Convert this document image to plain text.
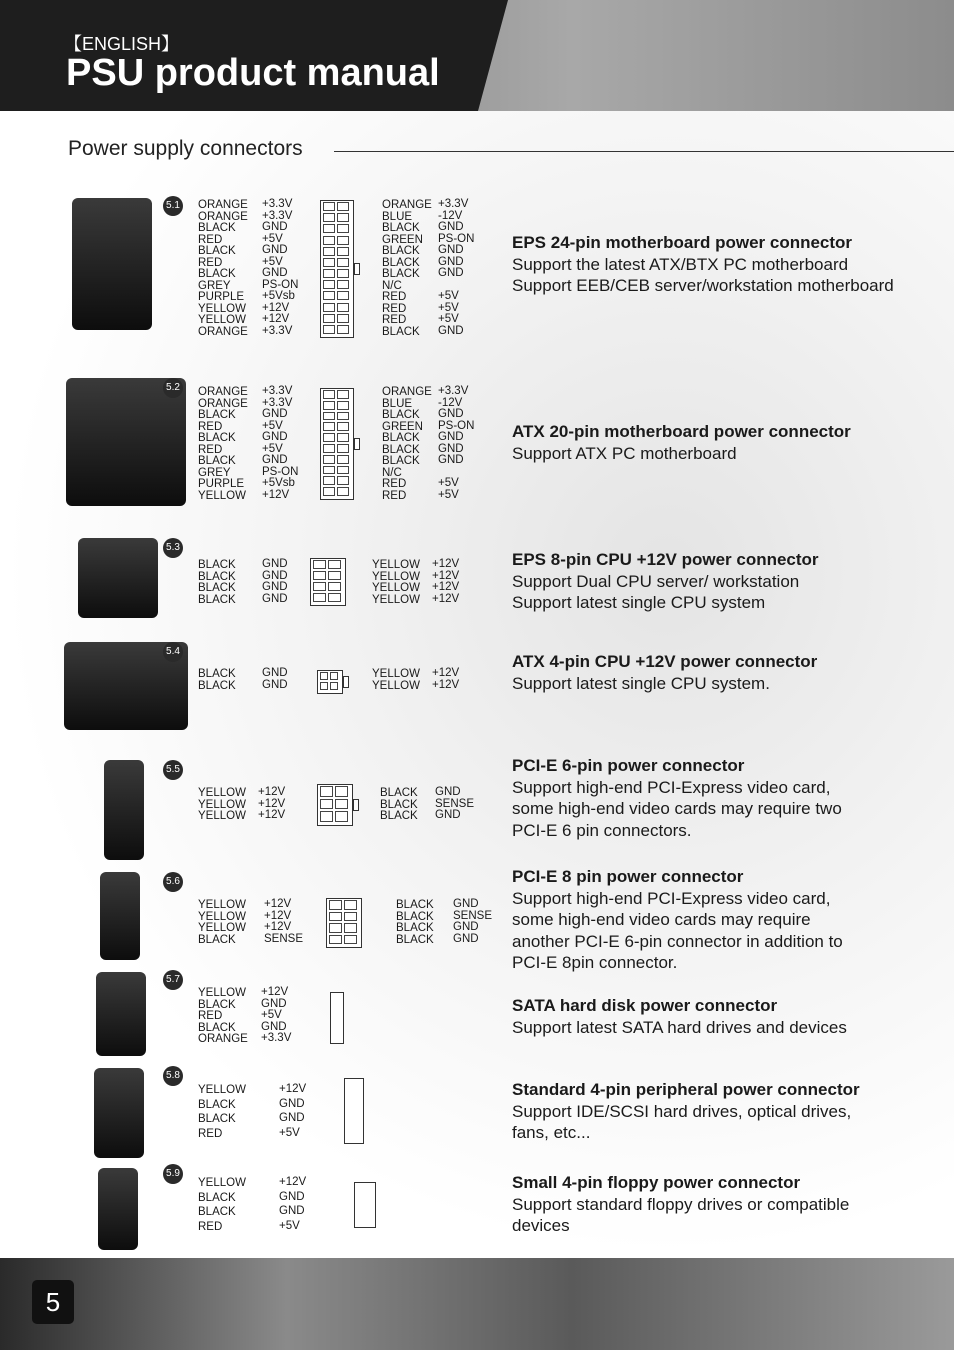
【ENGLISH】
PSU product manual
Power supply connectors
5.1 ORANGE +3.3V
ORANGE +3.3V
BLACK GND
RED	+5V
BLACK GND
RED	+5V
BLACK GND
GREY	PS-ON
PURPLE +5Vsb
YELLOW +12V
YELLOW +12V
ORANGE +3.3V
ORANGE +3.3V
BLUE -12V
BLACK GND
GREEN PS-ON
BLACK GND
BLACK GND
BLACK GND
N/C
RED	+5V
RED	+5V
RED	+5V
BLACK GND
EPS 24-pin motherboard power connector
Support the latest ATX/BTX PC motherboard
Support EEB/CEB server/workstation motherboard
5.2 ORANGE +3.3V
ORANGE +3.3V
BLACK GND
RED	+5V
BLACK GND
RED	+5V
BLACK GND
GREY	PS-ON
PURPLE +5Vsb
YELLOW +12V
ORANGE +3.3V
BLUE -12V
BLACK GND
GREEN PS-ON
BLACK GND
BLACK GND
BLACK GND
N/C
RED	+5V
RED	+5V
ATX 20-pin motherboard power connector
Support ATX PC motherboard
5.3
BLACK GND
BLACK GND
BLACK GND
BLACK GND
YELLOW +12V
YELLOW +12V
YELLOW +12V
YELLOW +12V
EPS 8-pin CPU +12V power connector
Support Dual CPU server/ workstation
Support latest single CPU system
5.4
BLACK GND
BLACK GND
YELLOW +12V
YELLOW +12V
ATX 4-pin CPU +12V power connector
Support latest single CPU system.
5.5
YELLOW +12V
YELLOW +12V
YELLOW +12V
BLACK GND
BLACK SENSE
BLACK GND
PCI-E 6-pin power connector
Support high-end PCI-Express video card,
some high-end video cards may require two
PCI-E 6 pin connectors.
5.6
YELLOW +12V
YELLOW +12V
YELLOW +12V
BLACK SENSE
BLACK GND
BLACK SENSE
BLACK GND
BLACK GND
PCI-E 8 pin power connector
Support high-end PCI-Express video card,
some high-end video cards may require
another PCI-E 6-pin connector in addition to
PCI-E 8pin connector.
5.7
YELLOW +12V
BLACK GND
RED	+5V
BLACK GND
ORANGE +3.3V
SATA hard disk power connector
Support latest SATA hard drives and devices
5.8
YELLOW	+12V
BLACK	GND
BLACK	GND
RED	+5V
Standard 4-pin peripheral power connector
Support IDE/SCSI hard drives, optical drives,
fans, etc...
5.9
YELLOW	+12V
BLACK	GND
BLACK	GND
RED	+5V
Small 4-pin floppy power connector
Support standard floppy drives or compatible
devices
5
